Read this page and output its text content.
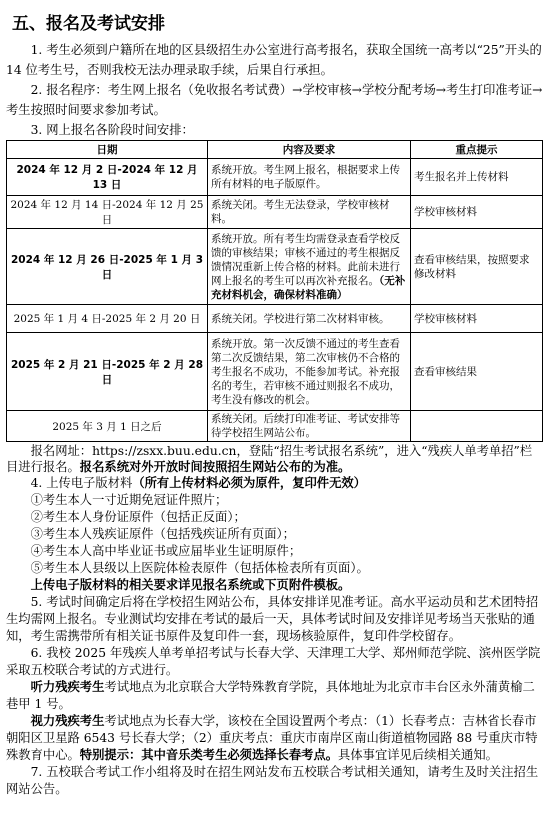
五、报名及考试安排

1. 考生必须到户籍所在地的区县级招生办公室进行高考报名，获取全国统一高考以“25”开头的 14 位考生号，否则我校无法办理录取手续，后果自行承担。

2. 报名程序：考生网上报名（免收报名考试费）→学校审核→学校分配考场→考生打印准考证→考生按照时间要求参加考试。

3. 网上报名各阶段时间安排：

日期	内容及要求	重点提示
2024 年 12 月 2 日-2024 年 12 月 13 日	系统开放。考生网上报名，根据要求上传所有材料的电子版原件。	考生报名并上传材料
2024 年 12 月 14 日-2024 年 12 月 25 日	系统关闭。考生无法登录，学校审核材料。	学校审核材料
2024 年 12 月 26 日-2025 年 1 月 3 日	系统开放。所有考生均需登录查看学校反馈的审核结果；审核不通过的考生根据反馈情况重新上传合格的材料。此前未进行网上报名的考生可以再次补充报名。（无补充材料机会，确保材料准确）	查看审核结果，按照要求修改材料
2025 年 1 月 4 日-2025 年 2 月 20 日	系统关闭。学校进行第二次材料审核。	学校审核材料
2025 年 2 月 21 日-2025 年 2 月 28 日	系统开放。第一次反馈不通过的考生查看第二次反馈结果，第二次审核仍不合格的考生报名不成功，不能参加考试。补充报名的考生，若审核不通过则报名不成功，考生没有修改的机会。	查看审核结果
2025 年 3 月 1 日之后	系统关闭。后续打印准考证、考试安排等待学校招生网站公布。	

报名网址：https://zsxx.buu.edu.cn，登陆“招生考试报名系统”，进入“残疾人单考单招”栏目进行报名。报名系统对外开放时间按照招生网站公布的为准。

4. 上传电子版材料（所有上传材料必须为原件，复印件无效）

①考生本人一寸近期免冠证件照片；

②考生本人身份证原件（包括正反面）；

③考生本人残疾证原件（包括残疾证所有页面）；

④考生本人高中毕业证书或应届毕业生证明原件；

⑤考生本人县级以上医院体检表原件（包括体检表所有页面）。

上传电子版材料的相关要求详见报名系统或下页附件模板。

5. 考试时间确定后将在学校招生网站公布，具体安排详见准考证。高水平运动员和艺术团特招生均需网上报名。专业测试均安排在考试的最后一天，具体考试时间及安排详见考场当天张贴的通知，考生需携带所有相关证书原件及复印件一套，现场核验原件，复印件学校留存。

6. 我校 2025 年残疾人单考单招考试与长春大学、天津理工大学、郑州师范学院、滨州医学院采取五校联合考试的方式进行。

听力残疾考生考试地点为北京联合大学特殊教育学院，具体地址为北京市丰台区永外蒲黄榆二巷甲 1 号。

视力残疾考生考试地点为长春大学，该校在全国设置两个考点：（1）长春考点：吉林省长春市朝阳区卫星路 6543 号长春大学；（2）重庆考点：重庆市南岸区南山街道植物园路 88 号重庆市特殊教育中心。特别提示：其中音乐类考生必须选择长春考点。具体事宜详见后续相关通知。

7. 五校联合考试工作小组将及时在招生网站发布五校联合考试相关通知，请考生及时关注招生网站公告。
